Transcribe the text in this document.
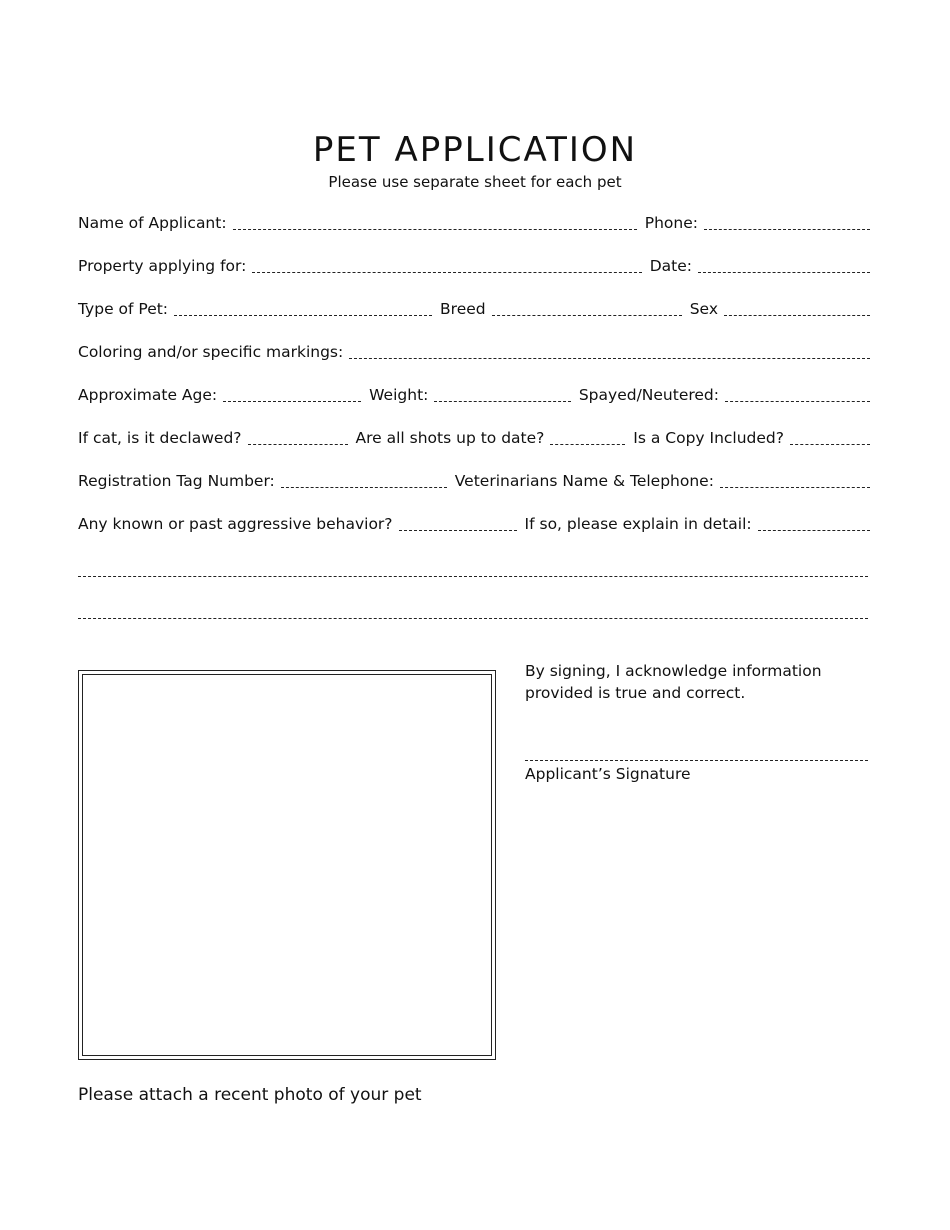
PET APPLICATION
Please use separate sheet for each pet
Name of Applicant:	Phone:
Property applying for:	Date:
Type of Pet:	Breed	Sex
Coloring and/or specific markings:
Approximate Age:	Weight:	Spayed/Neutered:
If cat, is it declawed?	Are all shots up to date?	Is a Copy Included?
Registration Tag Number:	Veterinarians Name & Telephone:
Any known or past aggressive behavior?	If so, please explain in detail:
Please attach a recent photo of your pet
By signing, I acknowledge information provided is true and correct.
Applicant’s Signature
